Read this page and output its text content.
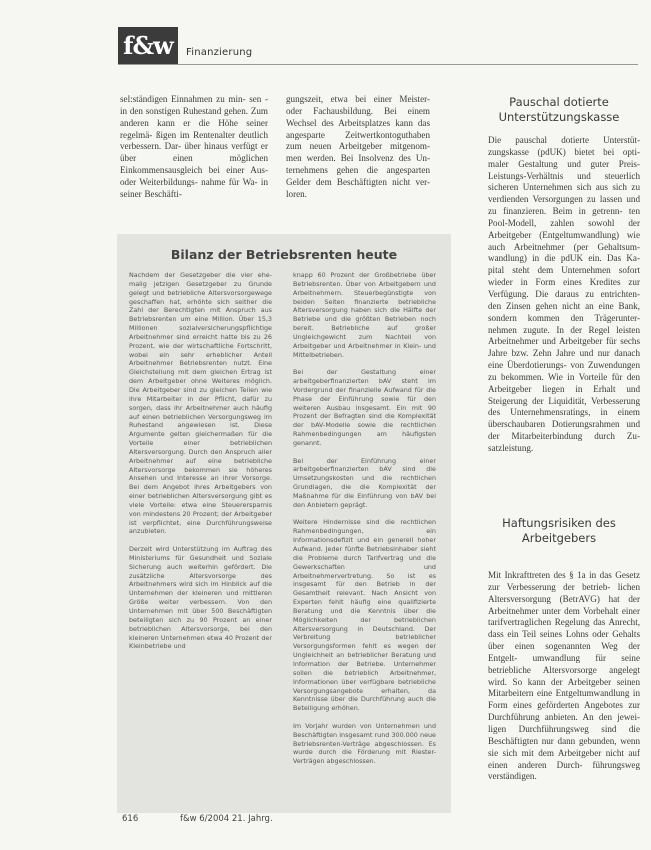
f&w	Finanzierung

sel:ständigen Einnahmen zu min- sen - in den sonstigen Ruhestand gehen. Zum anderen kann er die Höhe seiner regelmä- ßigen im Rentenalter deutlich verbessern. Dar- über hinaus verfügt er über einen möglichen Einkommensausgleich bei einer Aus- oder Weiterbildungs- nahme für Wa- in seiner Beschäfti-

gungszeit, etwa bei einer Meister- oder Fachausbildung. Bei einem Wechsel des Arbeitsplatzes kann das angesparte Zeitwertkontoguthaben zum neuen Arbeitgeber mitgenom- men werden. Bei Insolvenz des Un- ternehmens gehen die angesparten Gelder dem Beschäftigten nicht ver- loren.

Pauschal dotierte Unterstützungskasse

Die pauschal dotierte Unterstüt- zungskasse (pdUK) bietet bei opti- maler Gestaltung und guter Preis- Leistungs-Verhältnis und steuerlich sicheren Unternehmen sich aus sich zu verdienden Versorgungen zu lassen und zu finanzieren. Beim in getrenn- ten Pool-Modell, zahlen sowohl der Arbeitgeber (Entgeltumwandlung) wie auch Arbeitnehmer (per Gehaltsum- wandlung) in die pdUK ein. Das Ka- pital steht dem Unternehmen sofort wieder in Form eines Kredites zur Verfügung. Die daraus zu entrichten- den Zinsen gehen nicht an eine Bank, sondern kommen den Trägerunter- nehmen zugute. In der Regel leisten Arbeitnehmer und Arbeitgeber für sechs Jahre bzw. Zehn Jahre und nur danach eine Überdotierungs- von Zuwendungen zu bekommen. Wie in Vorteile für den Arbeitgeber liegen in Erhalt und Steigerung der Liquidität, Verbesserung des Unternehmensratings, in einem überschaubaren Dotierungsrahmen und der Mitarbeiterbindung durch Zu- satzleistung.

Haftungsrisiken des Arbeitgebers

Mit Inkrafttreten des § 1a in das Gesetz zur Verbesserung der betrieb- lichen Altersversorgung (BetrAVG) hat der Arbeitnehmer unter dem Vorbehalt einer tarifvertraglichen Regelung das Anrecht, dass ein Teil seines Lohns oder Gehalts über einen sogenannten Weg der Entgelt- umwandlung für seine betriebliche Altersvorsorge angelegt wird. So kann der Arbeitgeber seinen Mitarbeitern eine Entgeltumwandlung in Form eines geförderten Angebotes zur Durchführung anbieten. An den jewei- ligen Durchführungsweg sind die Beschäftigten nur dann gebunden, wenn sie sich mit dem Arbeitgeber nicht auf einen anderen Durch- führungsweg verständigen.

Bilanz der Betriebsrenten heute

Nachdem der Gesetzgeber die vier ehe- malig jetzigen Gesetzgeber zu Grunde gelegt und betriebliche Altersvorsorgewege geschaffen hat, erhöhte sich seither die Zahl der Berechtigten mit Anspruch aus Betriebsrenten um eine Million. Über 15,3 Millionen sozialversicherungspflichtige Arbeitnehmer sind erreicht hatte bis zu 26 Prozent, wie der wirtschaftliche Fortschritt, wobei ein sehr erheblicher Anteil Arbeitnehmer Betriebsrenten nutzt. Eine Gleichstellung mit dem gleichen Ertrag ist dem Arbeitgeber ohne Weiteres möglich. Die Arbeitgeber sind zu gleichen Teilen wie ihre Mitarbeiter in der Pflicht, dafür zu sorgen, dass ihr Arbeitnehmer auch häufig auf einen betrieblichen Versorgungsweg im Ruhestand angewiesen ist. Diese Argumente gelten gleichermaßen für die Vorteile einer betrieblichen Altersversorgung. Durch den Anspruch aller Arbeitnehmer auf eine betriebliche Altersvorsorge bekommen sie höheres Ansehen und Interesse an ihrer Vorsorge. Bei dem Angebot ihres Arbeitgebers von einer betrieblichen Altersversorgung gibt es viele Vorteile: etwa eine Steuerersparnis von mindestens 20 Prozent; der Arbeitgeber ist verpflichtet, eine Durchführungsweise anzubieten.

Derzeit wird Unterstützung im Auftrag des Ministeriums für Gesundheit und Soziale Sicherung auch weiterhin gefördert. Die zusätzliche Altersvorsorge des Arbeitnehmers wird sich im Hinblick auf die Unternehmen der kleineren und mittleren Größe weiter verbessern. Von den Unternehmen mit über 500 Beschäftigten beteiligten sich zu 90 Prozent an einer betrieblichen Altersvorsorge, bei den kleineren Unternehmen etwa 40 Prozent der Kleinbetriebe und

knapp 60 Prozent der Großbetriebe über Betriebsrenten. Über von Arbeitgebern und Arbeitnehmern. Steuerbegünstigte von beiden Seiten finanzierte betriebliche Altersversorgung haben sich die Hälfte der Betriebe und die größten Betrieben noch bereit. Betriebliche auf großer Ungleichgewicht zum Nachteil von Arbeitgeber und Arbeitnehmer in Klein- und Mittelbetrieben.

Bei der Gestaltung einer arbeitgeberfinanzierten bAV steht im Vordergrund der finanzielle Aufwand für die Phase der Einführung sowie für den weiteren Ausbau insgesamt. Ein mit 90 Prozent der Befragten sind die Komplexität der bAV-Modelle sowie die rechtlichen Rahmenbedingungen am häufigsten genannt.

Bei der Einführung einer arbeitgeberfinanzierten bAV sind die Umsetzungskosten und die rechtlichen Grundlagen, die die Komplexität der Maßnahme für die Einführung von bAV bei den Anbietern geprägt.

Weitere Hindernisse sind die rechtlichen Rahmenbedingungen, ein Informationsdefizit und ein generell hoher Aufwand. Jeder fünfte Betriebsinhaber sieht die Probleme durch Tarifvertrag und die Gewerkschaften und Arbeitnehmervertretung. So ist es insgesamt für den Betrieb in der Gesamtheit relevant. Nach Ansicht von Experten fehlt häufig eine qualifizierte Beratung und die Kenntnis über die Möglichkeiten der betrieblichen Altersversorgung in Deutschland. Der Verbreitung betrieblicher Versorgungsformen fehlt es wegen der Ungleichheit an betrieblicher Beratung und Information der Betriebe. Unternehmer sollen die betrieblich Arbeitnehmer, Informationen über verfügbare betriebliche Versorgungsangebote erhalten, da Kenntnisse über die Durchführung auch die Beteiligung erhöhen.

Im Vorjahr wurden von Unternehmen und Beschäftigten insgesamt rund 300.000 neue Betriebsrenten-Verträge abgeschlossen. Es wurde durch die Förderung mit Riester-Verträgen abgeschlossen.

616	f&w 6/2004 21. Jahrg.
